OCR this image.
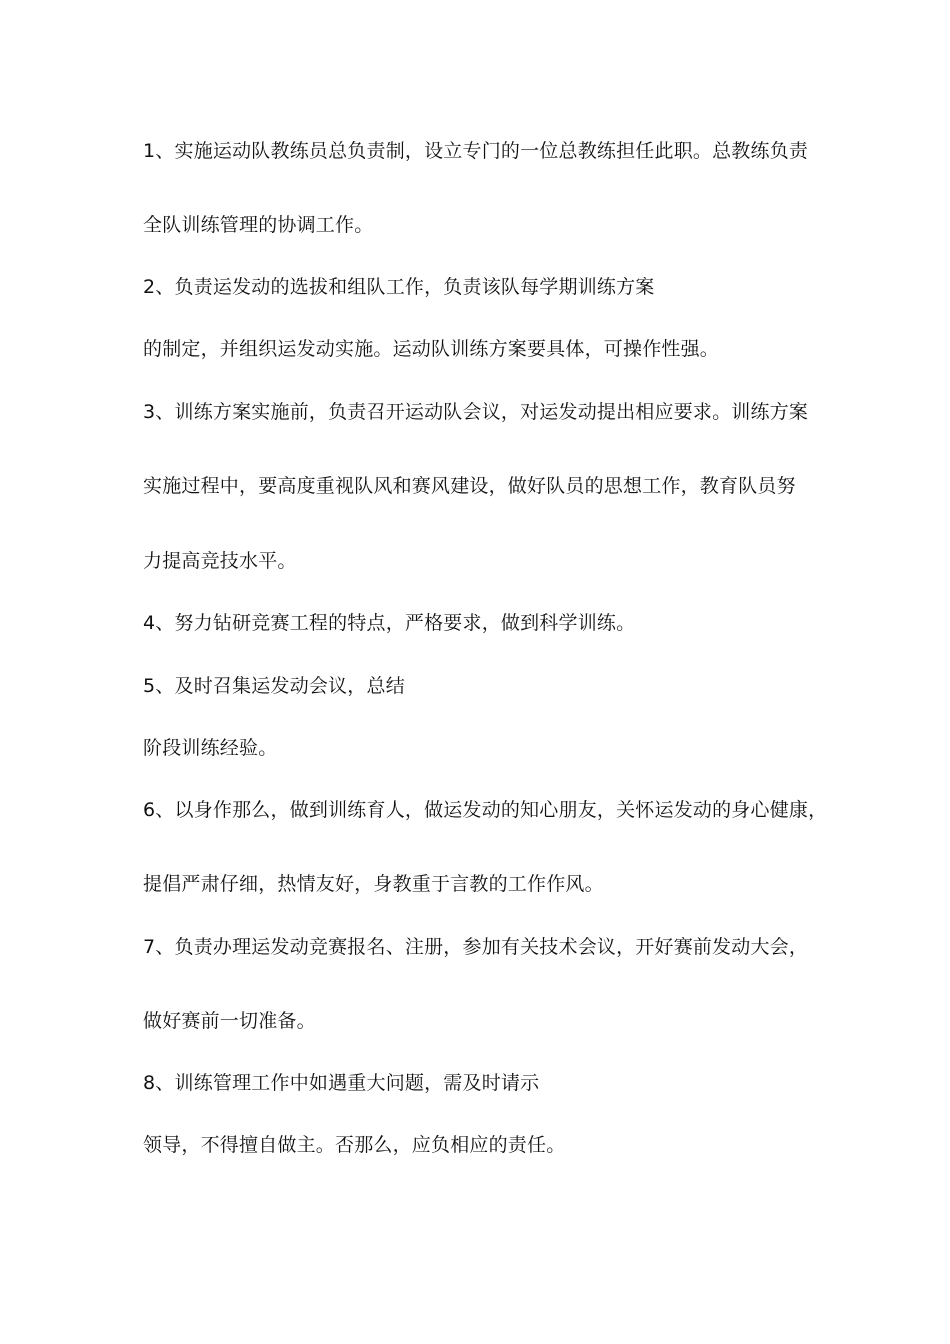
1、实施运动队教练员总负责制，设立专门的一位总教练担任此职。总教练负责
全队训练管理的协调工作。
2、负责运发动的选拔和组队工作，负责该队每学期训练方案
的制定，并组织运发动实施。运动队训练方案要具体，可操作性强。
3、训练方案实施前，负责召开运动队会议，对运发动提出相应要求。训练方案
实施过程中，要高度重视队风和赛风建设，做好队员的思想工作，教育队员努
力提高竞技水平。
4、努力钻研竞赛工程的特点，严格要求，做到科学训练。
5、及时召集运发动会议，总结
阶段训练经验。
6、以身作那么，做到训练育人，做运发动的知心朋友，关怀运发动的身心健康，
提倡严肃仔细，热情友好，身教重于言教的工作作风。
7、负责办理运发动竞赛报名、注册，参加有关技术会议，开好赛前发动大会，
做好赛前一切准备。
8、训练管理工作中如遇重大问题，需及时请示
领导，不得擅自做主。否那么，应负相应的责任。
